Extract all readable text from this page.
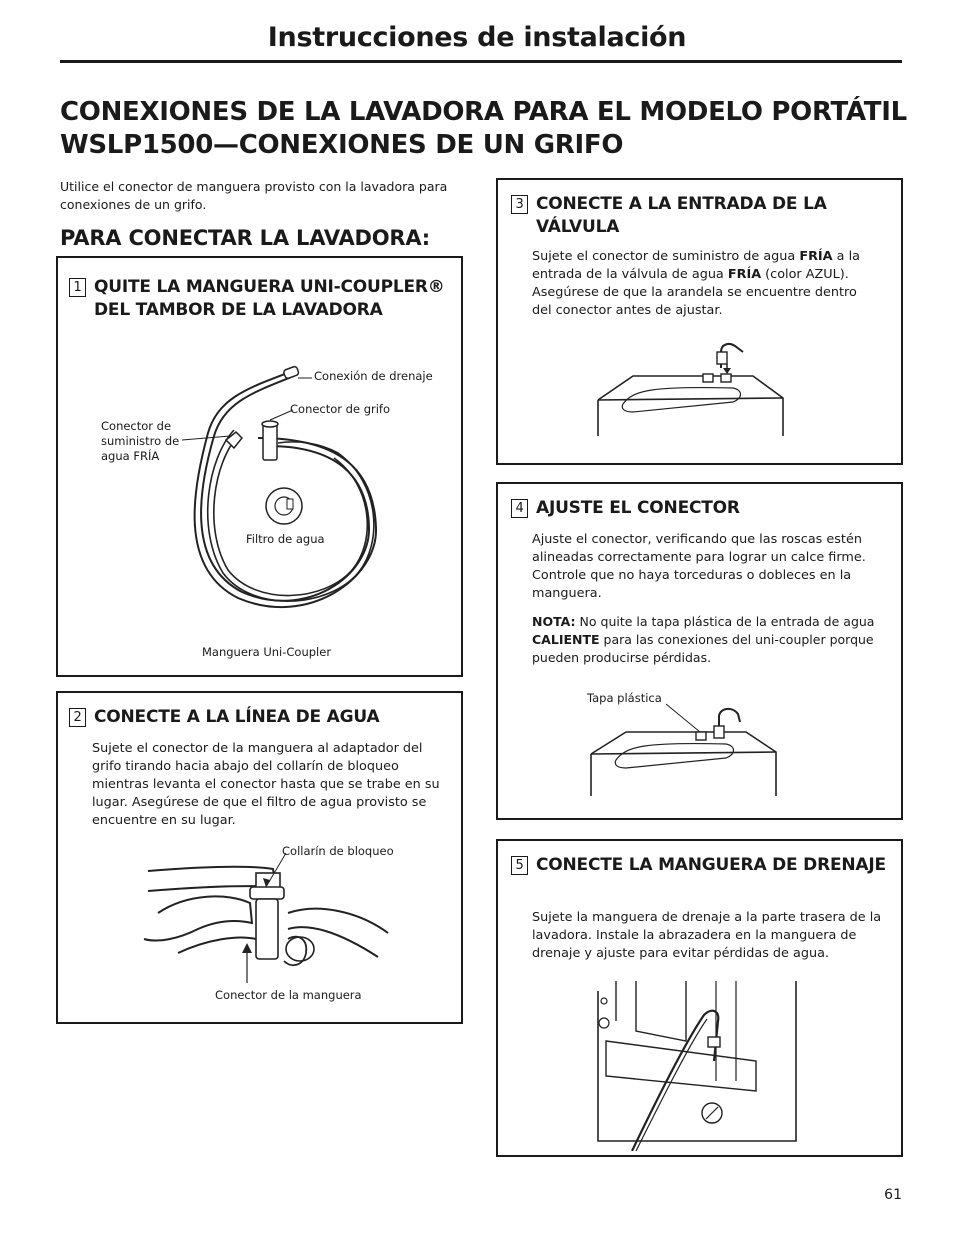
Instrucciones de instalación
CONEXIONES DE LA LAVADORA PARA EL MODELO PORTÁTIL WSLP1500—CONEXIONES DE UN GRIFO
Utilice el conector de manguera provisto con la lavadora para conexiones de un grifo.
PARA CONECTAR LA LAVADORA:
1 QUITE LA MANGUERA UNI-COUPLER® DEL TAMBOR DE LA LAVADORA
Conexión de drenaje
Conector de grifo
Conector de suministro de agua FRÍA
Filtro de agua
Manguera Uni-Coupler
2 CONECTE A LA LÍNEA DE AGUA
Sujete el conector de la manguera al adaptador del grifo tirando hacia abajo del collarín de bloqueo mientras levanta el conector hasta que se trabe en su lugar. Asegúrese de que el filtro de agua provisto se encuentre en su lugar.
Collarín de bloqueo
Conector de la manguera
3 CONECTE A LA ENTRADA DE LA VÁLVULA
Sujete el conector de suministro de agua FRÍA a la entrada de la válvula de agua FRÍA (color AZUL). Asegúrese de que la arandela se encuentre dentro del conector antes de ajustar.
4 AJUSTE EL CONECTOR
Ajuste el conector, verificando que las roscas estén alineadas correctamente para lograr un calce firme. Controle que no haya torceduras o dobleces en la manguera.
NOTA: No quite la tapa plástica de la entrada de agua CALIENTE para las conexiones del uni-coupler porque pueden producirse pérdidas.
Tapa plástica
5 CONECTE LA MANGUERA DE DRENAJE
Sujete la manguera de drenaje a la parte trasera de la lavadora. Instale la abrazadera en la manguera de drenaje y ajuste para evitar pérdidas de agua.
61
